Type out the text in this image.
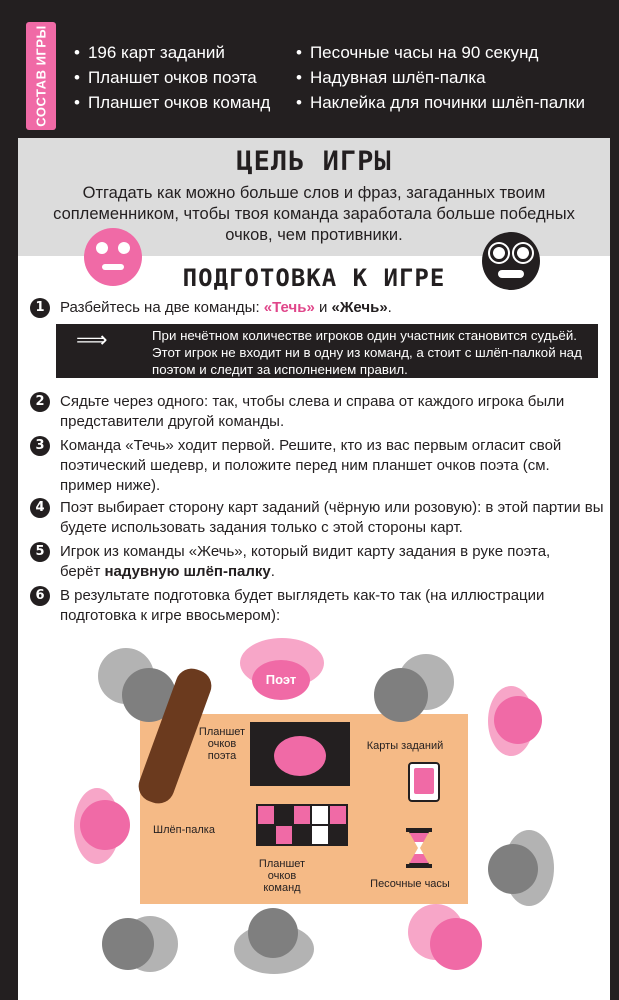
СОСТАВ ИГРЫ
•	196 карт заданий
• Планшет очков поэта
• Планшет очков команд
• Песочные часы на 90 секунд
• Надувная шлёп-палка
• Наклейка для починки шлёп-палки
ЦЕЛЬ ИГРЫ
Отгадать как можно больше слов и фраз, загаданных твоим соплеменником, чтобы твоя команда заработала больше победных очков, чем противники.
ПОДГОТОВКА К ИГРЕ
1	Разбейтесь на две команды: «Течь» и «Жечь».
⟹	При нечётном количестве игроков один участник становится судьёй. Этот игрок не входит ни в одну из команд, а стоит с шлёп-палкой над поэтом и следит за исполнением правил.
2	Сядьте через одного: так, чтобы слева и справа от каждого игрока были представители другой команды.
3	Команда «Течь» ходит первой. Решите, кто из вас первым огласит свой поэтический шедевр, и положите перед ним планшет очков поэта (см. пример ниже).
4	Поэт выбирает сторону карт заданий (чёрную или розовую): в этой партии вы будете использовать задания только с этой стороны карт.
5	Игрок из команды «Жечь», который видит карту задания в руке поэта, берёт надувную шлёп-палку.
6	В результате подготовка будет выглядеть как-то так (на иллюстрации подготовка к игре ввосьмером):
Поэт
Планшет очков поэта
Карты заданий
Шлёп-палка
Планшет очков команд	Песочные часы
